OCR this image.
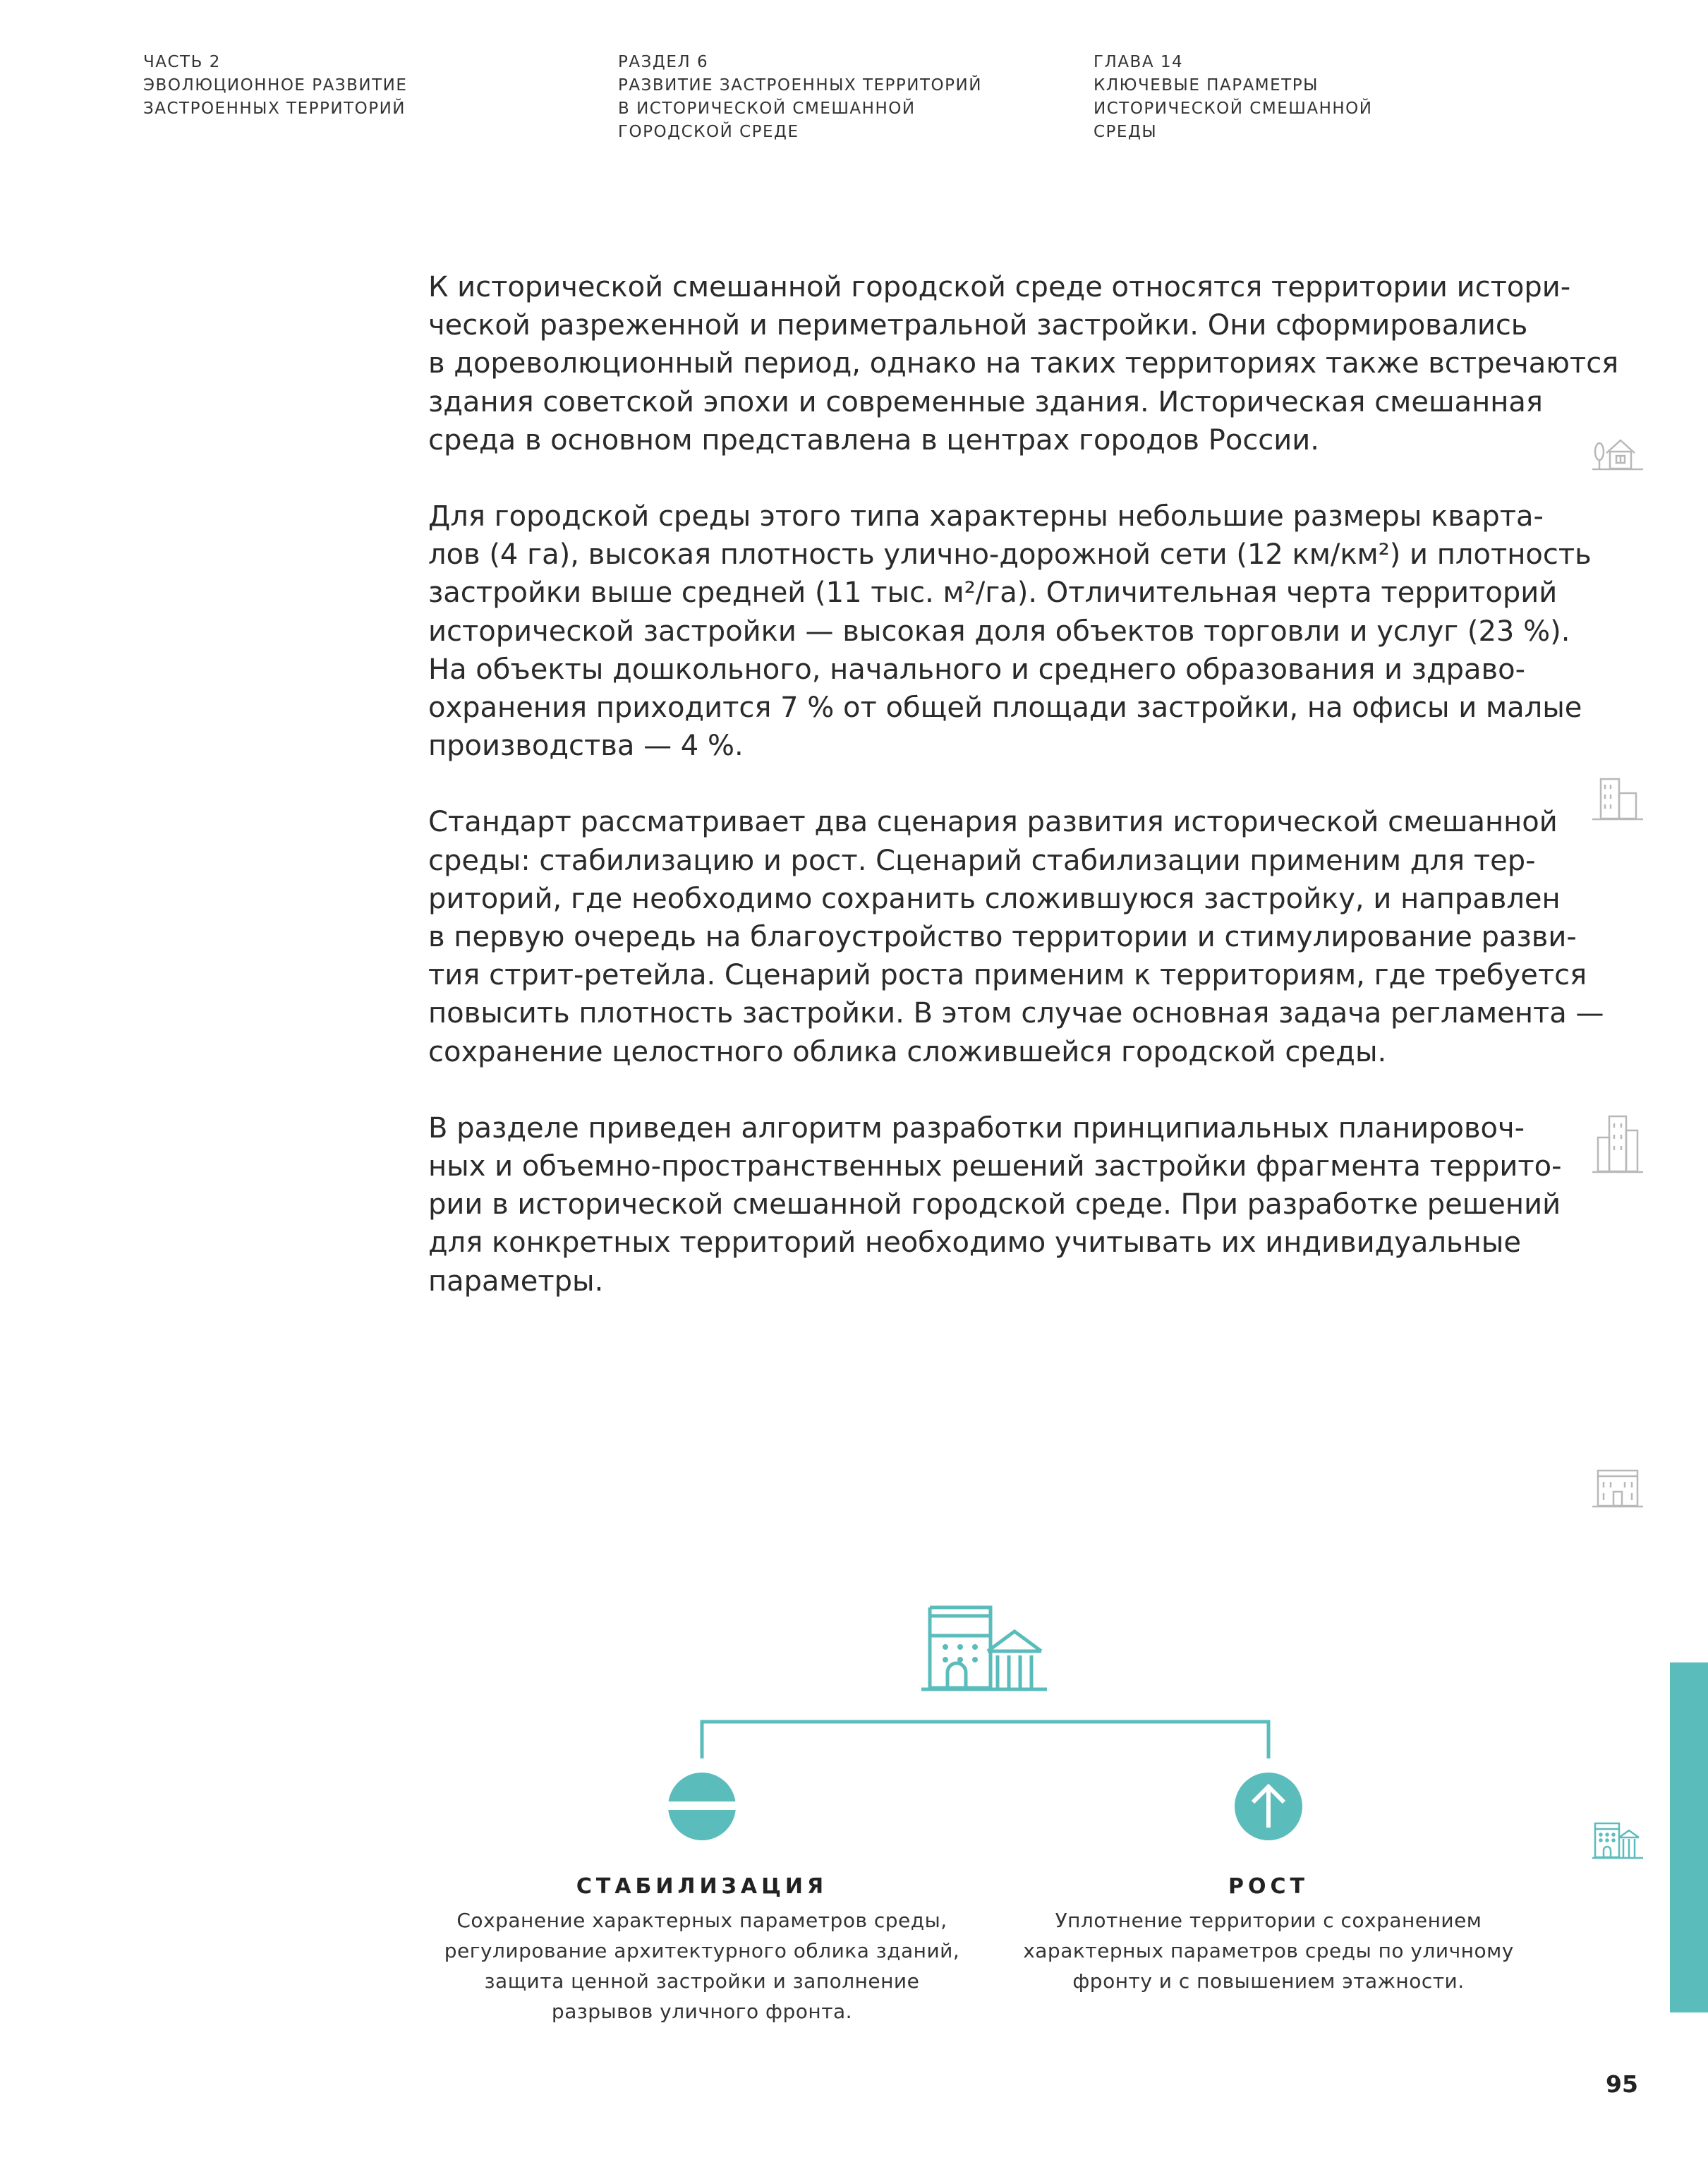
ЧАСТЬ 2
ЭВОЛЮЦИОННОЕ РАЗВИТИЕ
ЗАСТРОЕННЫХ ТЕРРИТОРИЙ
РАЗДЕЛ 6
РАЗВИТИЕ ЗАСТРОЕННЫХ ТЕРРИТОРИЙ
В ИСТОРИЧЕСКОЙ СМЕШАННОЙ
ГОРОДСКОЙ СРЕДЕ
ГЛАВА 14
КЛЮЧЕВЫЕ ПАРАМЕТРЫ
ИСТОРИЧЕСКОЙ СМЕШАННОЙ
СРЕДЫ

К исторической смешанной городской среде относятся территории истори-
ческой разреженной и периметральной застройки. Они сформировались
в дореволюционный период, однако на таких территориях также встречаются
здания советской эпохи и современные здания. Историческая смешанная
среда в основном представлена в центрах городов России.

Для городской среды этого типа характерны небольшие размеры кварта-
лов (4 га), высокая плотность улично-дорожной сети (12 км/км²) и плотность
застройки выше средней (11 тыс. м²/га). Отличительная черта территорий
исторической застройки — высокая доля объектов торговли и услуг (23 %).
На объекты дошкольного, начального и среднего образования и здраво-
охранения приходится 7 % от общей площади застройки, на офисы и малые
производства — 4 %.

Стандарт рассматривает два сценария развития исторической смешанной
среды: стабилизацию и рост. Сценарий стабилизации применим для тер-
риторий, где необходимо сохранить сложившуюся застройку, и направлен
в первую очередь на благоустройство территории и стимулирование разви-
тия стрит-ретейла. Сценарий роста применим к территориям, где требуется
повысить плотность застройки. В этом случае основная задача регламента —
сохранение целостного облика сложившейся городской среды.

В разделе приведен алгоритм разработки принципиальных планировоч-
ных и объемно-пространственных решений застройки фрагмента террито-
рии в исторической смешанной городской среде. При разработке решений
для конкретных территорий необходимо учитывать их индивидуальные
параметры.

СТАБИЛИЗАЦИЯ
Сохранение характерных параметров среды,
регулирование архитектурного облика зданий,
защита ценной застройки и заполнение
разрывов уличного фронта.
РОСТ
Уплотнение территории с сохранением
характерных параметров среды по уличному
фронту и с повышением этажности.
95
